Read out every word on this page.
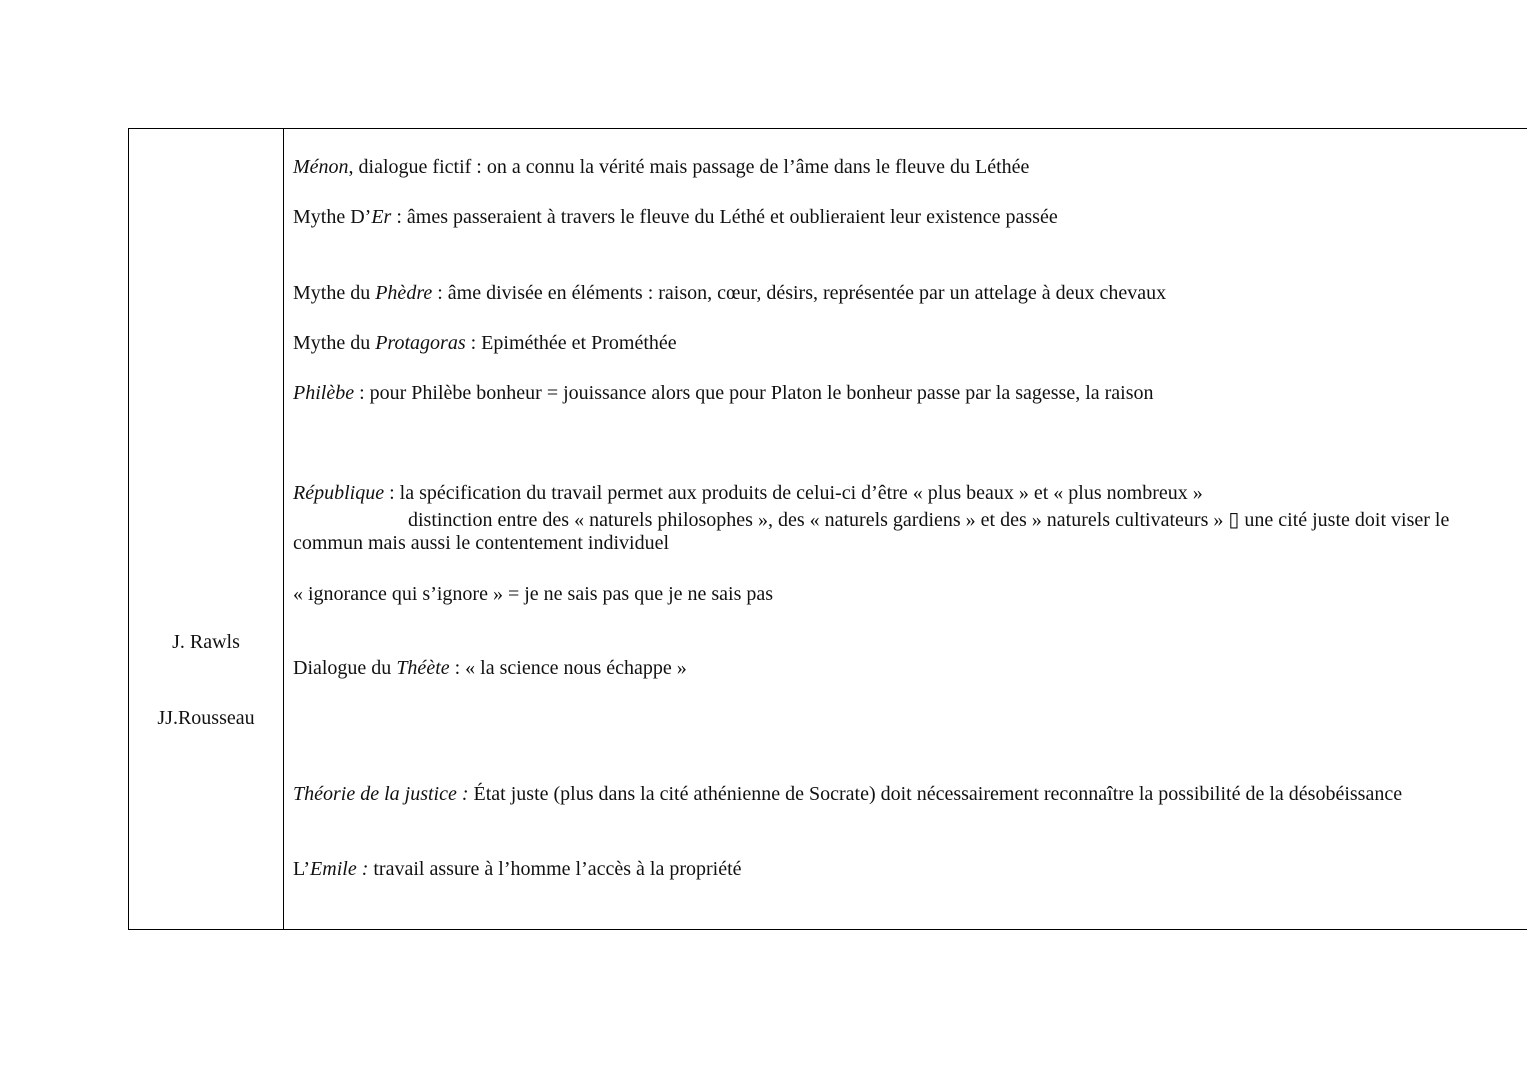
J. Rawls
JJ.Rousseau
Ménon, dialogue fictif : on a connu la vérité mais passage de l’âme dans le fleuve du Léthée
Mythe D’Er : âmes passeraient à travers le fleuve du Léthé et oublieraient leur existence passée
Mythe du Phèdre : âme divisée en éléments : raison, cœur, désirs, représentée par un attelage à deux chevaux
Mythe du Protagoras : Epiméthée et Prométhée
Philèbe : pour Philèbe bonheur = jouissance alors que pour Platon le bonheur passe par la sagesse, la raison
République : la spécification du travail permet aux produits de celui-ci d’être « plus beaux » et « plus nombreux »
distinction entre des « naturels philosophes », des « naturels gardiens » et des » naturels cultivateurs » ▯ une cité juste doit viser le
commun mais aussi le contentement individuel
« ignorance qui s’ignore » = je ne sais pas que je ne sais pas
Dialogue du Théète : « la science nous échappe »
Théorie de la justice : État juste (plus dans la cité athénienne de Socrate) doit nécessairement reconnaître la possibilité de la désobéissance
L’Emile : travail assure à l’homme l’accès à la propriété
